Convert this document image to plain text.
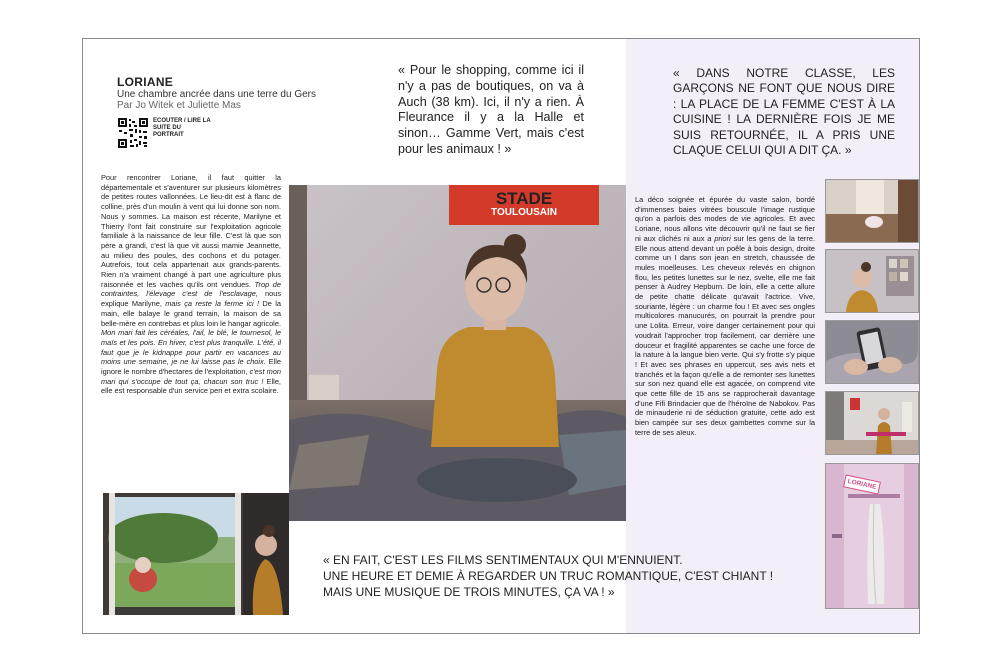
LORIANE
Une chambre ancrée dans une terre du Gers
Par Jo Witek et Juliette Mas
ECOUTER / LIRE LA SUITE DU PORTRAIT
« Pour le shopping, comme ici il n'y a pas de boutiques, on va à Auch (38 km). Ici, il n'y a rien. À Fleurance il y a la Halle et sinon… Gamme Vert, mais c'est pour les animaux ! »
« DANS NOTRE CLASSE, LES GARÇONS NE FONT QUE NOUS DIRE : LA PLACE DE LA FEMME C'EST À LA CUISINE ! LA DERNIÈRE FOIS JE ME SUIS RETOURNÉE, IL A PRIS UNE CLAQUE CELUI QUI A DIT ÇA. »
STADE
TOULOUSAIN
Pour rencontrer Loriane, il faut quitter la départementale et s'aventurer sur plusieurs kilomètres de petites routes vallonnées. Le lieu-dit est à flanc de colline, près d'un moulin à vent qui lui donne son nom. Nous y sommes. La maison est récente, Marilyne et Thierry l'ont fait construire sur l'exploitation agricole familiale à la naissance de leur fille. C'est là que son père a grandi, c'est là que vit aussi mamie Jeannette, au milieu des poules, des cochons et du potager. Autrefois, tout cela appartenait aux grands-parents. Rien n'a vraiment changé à part une agriculture plus raisonnée et les vaches qu'ils ont vendues. Trop de contraintes, l'élevage c'est de l'esclavage, nous explique Marilyne, mais ça reste la ferme ici ! De la main, elle balaye le grand terrain, la maison de sa belle-mère en contrebas et plus loin le hangar agricole. Mon mari fait les céréales, l'ail, le blé, le tournesol, le maïs et les pois. En hiver, c'est plus tranquille. L'été, il faut que je le kidnappe pour partir en vacances au moins une semaine, je ne lui laisse pas le choix. Elle ignore le nombre d'hectares de l'exploitation, c'est mon mari qui s'occupe de tout ça, chacun son truc ! Elle, elle est responsable d'un service peri et extra scolaire.
La déco soignée et épurée du vaste salon, bordé d'immenses baies vitrées bouscule l'image rustique qu'on a parfois des modes de vie agricoles. Et avec Loriane, nous allons vite découvrir qu'il ne faut se fier ni aux clichés ni aux a priori sur les gens de la terre. Elle nous attend devant un poêle à bois design, droite comme un I dans son jean en stretch, chaussée de mules moelleuses. Les cheveux relevés en chignon flou, les petites lunettes sur le nez, svelte, elle me fait penser à Audrey Hepburn. De loin, elle a cette allure de petite chatte délicate qu'avait l'actrice. Vive, souriante, légère : un charme fou ! Et avec ses ongles multicolores manucurés, on pourrait la prendre pour une Lolita. Erreur, voire danger certainement pour qui voudrait l'approcher trop facilement, car derrière une douceur et fragilité apparentes se cache une force de la nature à la langue bien verte. Qui s'y frotte s'y pique ! Et avec ses phrases en uppercut, ses avis nets et tranchés et la façon qu'elle a de remonter ses lunettes sur son nez quand elle est agacée, on comprend vite que cette fille de 15 ans se rapprocherait davantage d'une Fifi Brindacier que de l'héroïne de Nabokov. Pas de minauderie ni de séduction gratuite, cette ado est bien campée sur ses deux gambettes comme sur la terre de ses aïeux.
LORIANE
« EN FAIT, C'EST LES FILMS SENTIMENTAUX QUI M'ENNUIENT.
UNE HEURE ET DEMIE À REGARDER UN TRUC ROMANTIQUE, C'EST CHIANT !
MAIS UNE MUSIQUE DE TROIS MINUTES, ÇA VA ! »
